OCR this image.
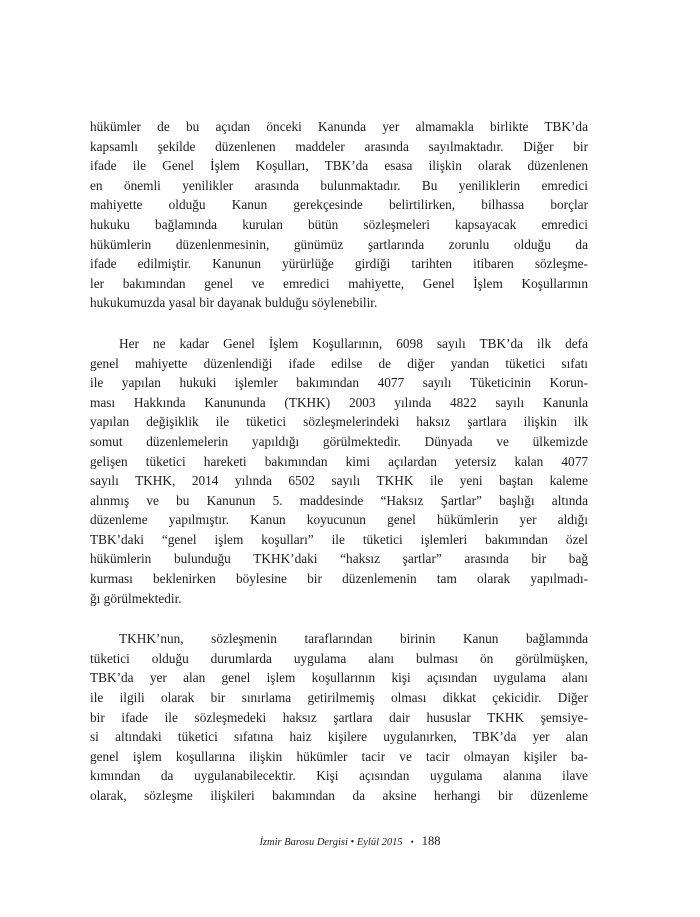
hükümler de bu açıdan önceki Kanunda yer almamakla birlikte TBK’da
kapsamlı şekilde düzenlenen maddeler arasında sayılmaktadır. Diğer bir
ifade ile Genel İşlem Koşulları, TBK’da esasa ilişkin olarak düzenlenen
en önemli yenilikler arasında bulunmaktadır. Bu yeniliklerin emredici
mahiyette olduğu Kanun gerekçesinde belirtilirken, bilhassa borçlar
hukuku bağlamında kurulan bütün sözleşmeleri kapsayacak emredici
hükümlerin düzenlenmesinin, günümüz şartlarında zorunlu olduğu da
ifade edilmiştir. Kanunun yürürlüğe girdiği tarihten itibaren sözleşme-
ler bakımından genel ve emredici mahiyette, Genel İşlem Koşullarının
hukukumuzda yasal bir dayanak bulduğu söylenebilir.
Her ne kadar Genel İşlem Koşullarının, 6098 sayılı TBK’da ilk defa
genel mahiyette düzenlendiği ifade edilse de diğer yandan tüketici sıfatı
ile yapılan hukuki işlemler bakımından 4077 sayılı Tüketicinin Korun-
ması Hakkında Kanununda (TKHK) 2003 yılında 4822 sayılı Kanunla
yapılan değişiklik ile tüketici sözleşmelerindeki haksız şartlara ilişkin ilk
somut düzenlemelerin yapıldığı görülmektedir. Dünyada ve ülkemizde
gelişen tüketici hareketi bakımından kimi açılardan yetersiz kalan 4077
sayılı TKHK, 2014 yılında 6502 sayılı TKHK ile yeni baştan kaleme
alınmış ve bu Kanunun 5. maddesinde “Haksız Şartlar” başlığı altında
düzenleme yapılmıştır. Kanun koyucunun genel hükümlerin yer aldığı
TBK’daki “genel işlem koşulları” ile tüketici işlemleri bakımından özel
hükümlerin bulunduğu TKHK’daki “haksız şartlar” arasında bir bağ
kurması beklenirken böylesine bir düzenlemenin tam olarak yapılmadı-
ğı görülmektedir.
TKHK’nun, sözleşmenin taraflarından birinin Kanun bağlamında
tüketici olduğu durumlarda uygulama alanı bulması ön görülmüşken,
TBK’da yer alan genel işlem koşullarının kişi açısından uygulama alanı
ile ilgili olarak bir sınırlama getirilmemiş olması dikkat çekicidir. Diğer
bir ifade ile sözleşmedeki haksız şartlara dair hususlar TKHK şemsiye-
si altındaki tüketici sıfatına haiz kişilere uygulanırken, TBK’da yer alan
genel işlem koşullarına ilişkin hükümler tacir ve tacir olmayan kişiler ba-
kımından da uygulanabilecektir. Kişi açısından uygulama alanına ilave
olarak, sözleşme ilişkileri bakımından da aksine herhangi bir düzenleme
İzmir Barosu Dergisi • Eylül 2015 • 188
